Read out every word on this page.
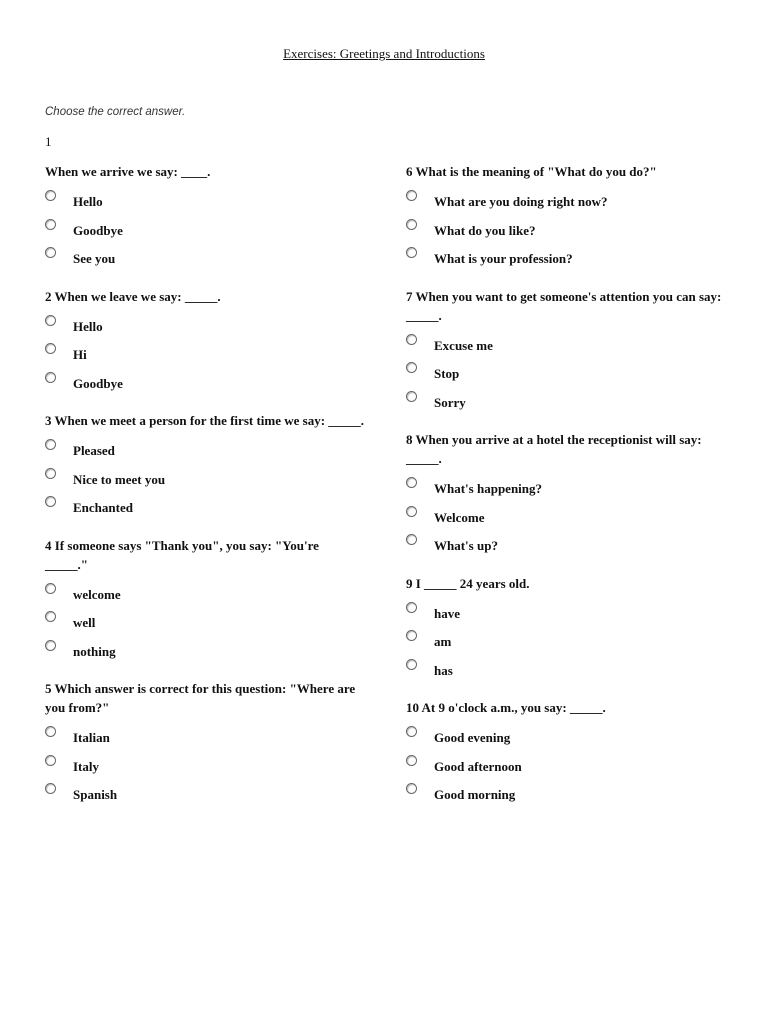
Exercises: Greetings and Introductions
Choose the correct answer.
1
When we arrive we say: ____.
Hello
Goodbye
See you
2 When we leave we say: _____.
Hello
Hi
Goodbye
3 When we meet a person for the first time we say: _____.
Pleased
Nice to meet you
Enchanted
4 If someone says "Thank you", you say: "You're _____."
welcome
well
nothing
5 Which answer is correct for this question: "Where are you from?"
Italian
Italy
Spanish
6 What is the meaning of "What do you do?"
What are you doing right now?
What do you like?
What is your profession?
7 When you want to get someone's attention you can say: _____.
Excuse me
Stop
Sorry
8 When you arrive at a hotel the receptionist will say: _____.
What's happening?
Welcome
What's up?
9 I _____ 24 years old.
have
am
has
10 At 9 o'clock a.m., you say: _____.
Good evening
Good afternoon
Good morning
